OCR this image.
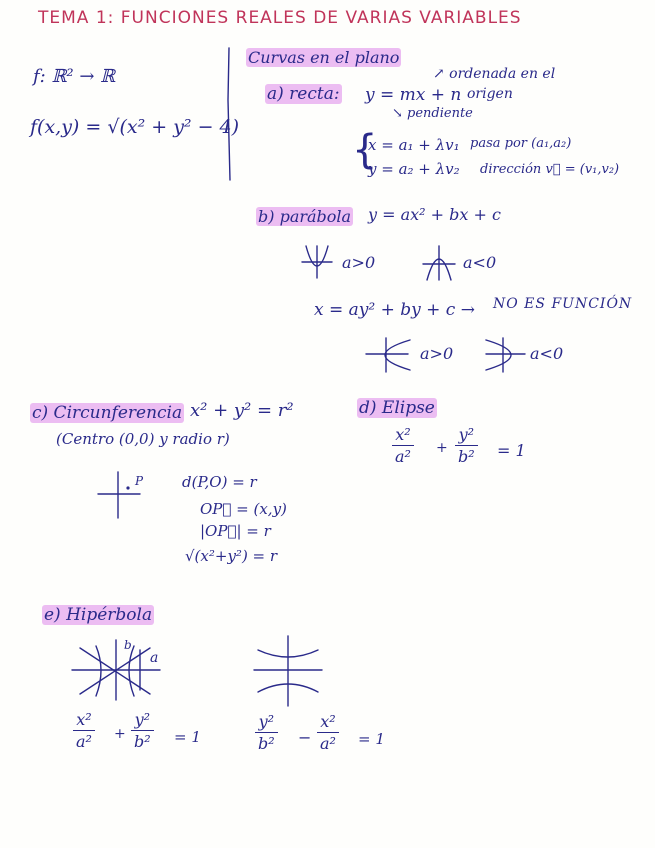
TEMA 1: FUNCIONES REALES DE VARIAS VARIABLES
f: ℝ² → ℝ
f(x,y) = √(x² + y² − 4)
Curvas en el plano
a) recta: y = mx + n
↗ ordenada en el
origen
↘ pendiente
{
x = a₁ + λv₁
y = a₂ + λv₂
pasa por (a₁,a₂)
dirección v⃗ = (v₁,v₂)
b) parábola y = ax² + bx + c
a>0	a<0
x = ay² + by + c → NO ES FUNCIÓN
a>0	a<0
c) Circunferencia x² + y² = r²
(Centro (0,0) y radio r)
P	d(P,O) = r
OP⃗ = (x,y)
|OP⃗| = r
√(x²+y²) = r
d) Elipse
x²
a² +
y²
b² = 1
e) Hipérbola
b
a
x²
a² +
y²
b² = 1
y²
b² −
x²
a² = 1
